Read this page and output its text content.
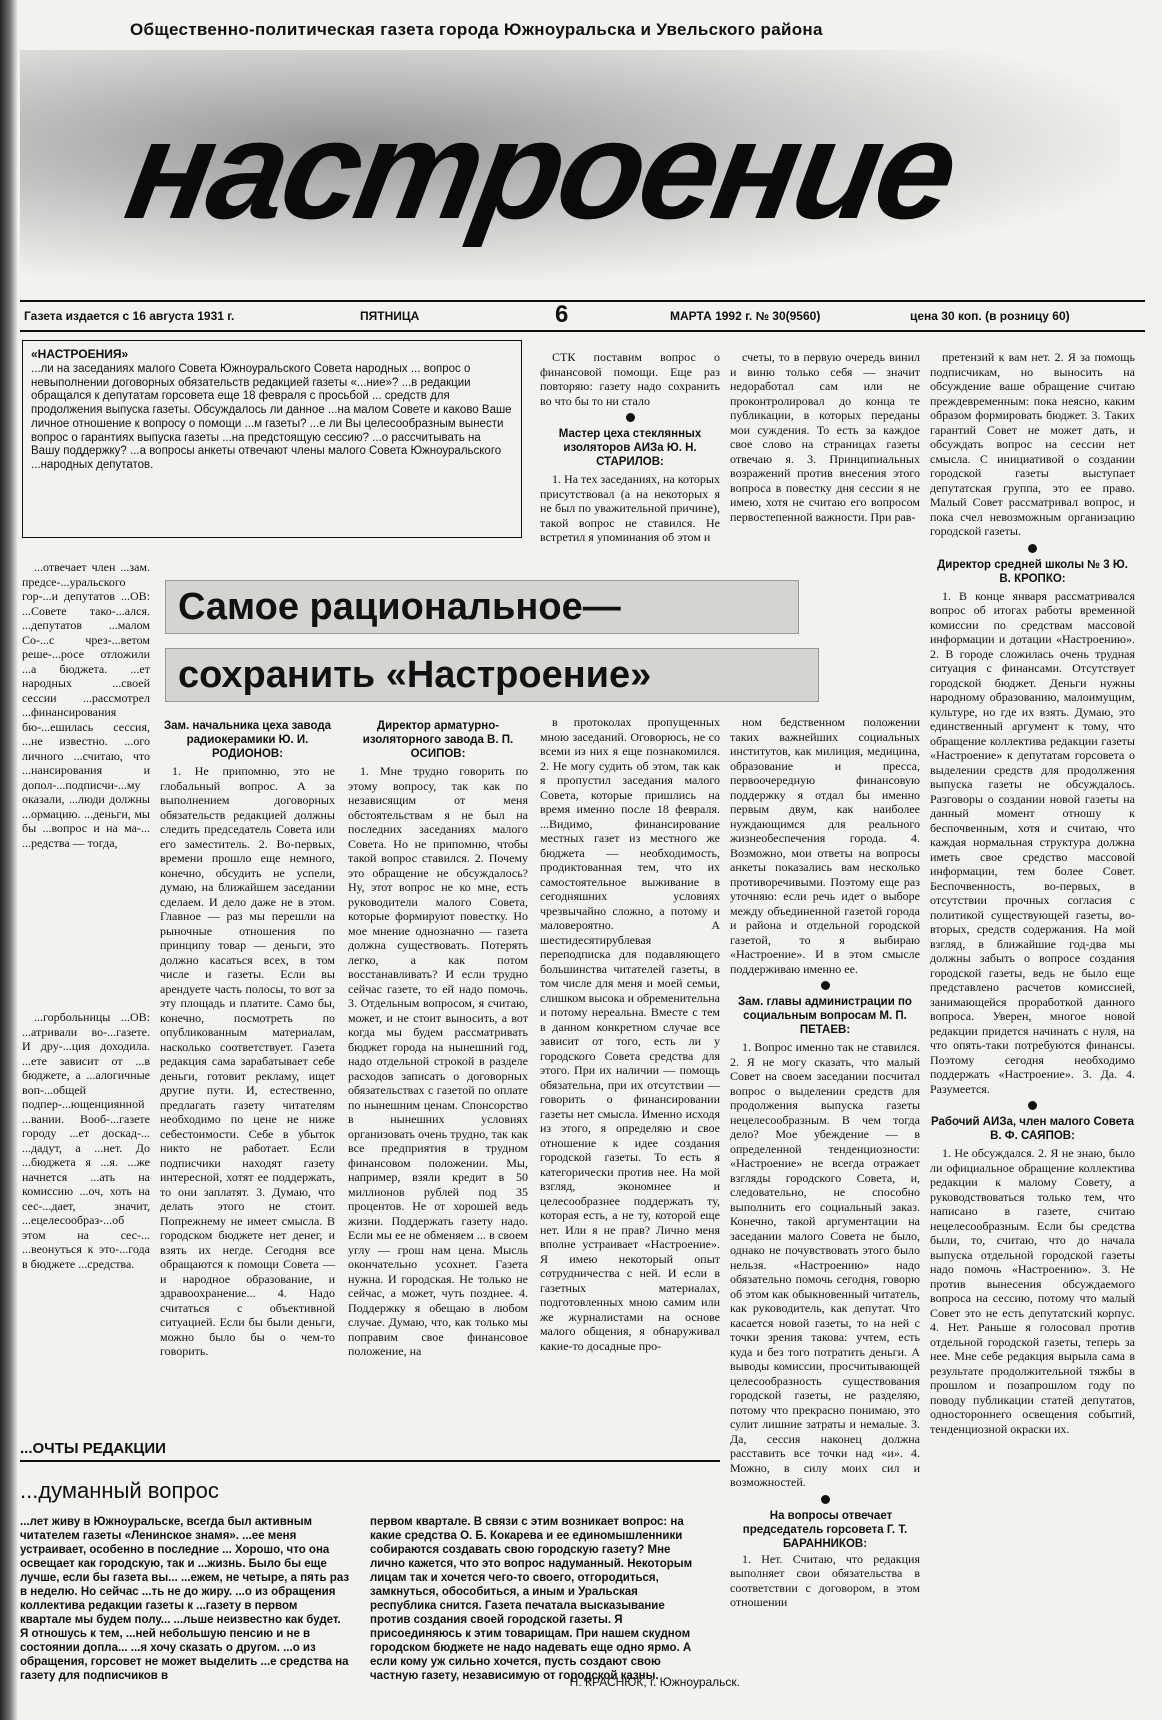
Общественно-политическая газета города Южноуральска и Увельского района
настроение
Газета издается с 16 августа 1931 г.	ПЯТНИЦА	6	МАРТА 1992 г. № 30(9560)	цена 30 коп. (в розницу 60)
«НАСТРОЕНИЯ»
...ли на заседаниях малого Совета Южноуральского Совета народных ... вопрос о невыполнении договорных обязательств редакцией газеты «...ние»? ...в редакции обращался к депутатам горсовета еще 18 февраля с просьбой ... средств для продолжения выпуска газеты. Обсуждалось ли данное ...на малом Совете и каково Ваше личное отношение к вопросу о помощи ...м газеты? ...е ли Вы целесообразным вынести вопрос о гарантиях выпуска газеты ...на предстоящую сессию? ...о рассчитывать на Вашу поддержку? ...а вопросы анкеты отвечают члены малого Совета Южноуральского ...народных депутатов.
Самое рациональное—
сохранить «Настроение»

...отвечает член ...зам. предсе-...уральского гор-...и депутатов ...ОВ: ...Совете тако-...ался. ...депутатов ...малом Со-...с чрез-...ветом реше-...росе отложили ...а бюджета. ...ет народных ...своей сессии ...рассмотрел ...финансирования бю-...ешилась сессия, ...не известно. ...ого личного ...считаю, что ...нансирования и допол-...подписчи-...му оказали, ...люди должны ...ормацию. ...деньги, мы бы ...вопрос и на ма-... ...редства — тогда,

...горбольницы ...ОВ: ...атривали во-...газете. И дру-...ция доходила. ...ете зависит от ...в бюджете, а ...алогичные воп-...общей подпер-...ющенциянной ...вании. Вооб-...газете городу ...ет доскад-... ...дадут, а ...нет. До ...бюджета я ...я. ...же начнется ...ать на комиссию ...оч, хоть на сес-...дает, значит, ...ецелесообраз-...об этом на сес-... ...веонуться к это-...года в бюджете ...средства.

Зам. начальника цеха завода радиокерамики Ю. И. РОДИОНОВ:

1. Не припомню, это не глобальный вопрос. А за выполнением договорных обязательств редакцией должны следить председатель Совета или его заместитель. 2. Во-первых, времени прошло еще немного, конечно, обсудить не успели, думаю, на ближайшем заседании сделаем. И дело даже не в этом. Главное — раз мы перешли на рыночные отношения по принципу товар — деньги, это должно касаться всех, в том числе и газеты. Если вы арендуете часть полосы, то вот за эту площадь и платите. Само бы, конечно, посмотреть по опубликованным материалам, насколько соответствует. Газета редакция сама зарабатывает себе деньги, готовит рекламу, ищет другие пути. И, естественно, предлагать газету читателям необходимо по цене не ниже себестоимости. Себе в убыток никто не работает. Если подписчики находят газету интересной, хотят ее поддержать, то они заплатят. 3. Думаю, что делать этого не стоит. Попрежнему не имеет смысла. В городском бюджете нет денег, и взять их негде. Сегодня все обращаются к помощи Совета — и народное образование, и здравоохранение... 4. Надо считаться с объективной ситуацией. Если бы были деньги, можно было бы о чем-то говорить.

Директор арматурно-изоляторного завода В. П. ОСИПОВ:

1. Мне трудно говорить по этому вопросу, так как по независящим от меня обстоятельствам я не был на последних заседаниях малого Совета. Но не припомню, чтобы такой вопрос ставился. 2. Почему это обращение не обсуждалось? Ну, этот вопрос не ко мне, есть руководители малого Совета, которые формируют повестку. Но мое мнение однозначно — газета должна существовать. Потерять легко, а как потом восстанавливать? И если трудно сейчас газете, то ей надо помочь. 3. Отдельным вопросом, я считаю, может, и не стоит выносить, а вот когда мы будем рассматривать бюджет города на нынешний год, надо отдельной строкой в разделе расходов записать о договорных обязательствах с газетой по оплате по нынешним ценам. Спонсорство в нынешних условиях организовать очень трудно, так как все предприятия в трудном финансовом положении. Мы, например, взяли кредит в 50 миллионов рублей под 35 процентов. Не от хорошей ведь жизни. Поддержать газету надо. Если мы ее не обменяем ... в своем углу — грош нам цена. Мысль окончательно усохнет. Газета нужна. И городская. Не только не сейчас, а может, чуть позднее. 4. Поддержку я обещаю в любом случае. Думаю, что, как только мы поправим свое финансовое положение, на

СТК поставим вопрос о финансовой помощи. Еще раз повторяю: газету надо сохранить во что бы то ни стало

Мастер цеха стеклянных изоляторов АИЗа Ю. Н. СТАРИЛОВ:

1. На тех заседаниях, на которых присутствовал (а на некоторых я не был по уважительной причине), такой вопрос не ставился. Не встретил я упоминания об этом и

в протоколах пропущенных мною заседаний. Оговорюсь, не со всеми из них я еще познакомился. 2. Не могу судить об этом, так как я пропустил заседания малого Совета, которые пришлись на время именно после 18 февраля. ...Видимо, финансирование местных газет из местного же бюджета — необходимость, продиктованная тем, что их самостоятельное выживание в сегодняшних условиях чрезвычайно сложно, а потому и маловероятно. А шестидесятирублевая переподписка для подавляющего большинства читателей газеты, в том числе для меня и моей семьи, слишком высока и обременительна и потому нереальна. Вместе с тем в данном конкретном случае все зависит от того, есть ли у городского Совета средства для этого. При их наличии — помощь обязательна, при их отсутствии — говорить о финансировании газеты нет смысла. Именно исходя из этого, я определяю и свое отношение к идее создания городской газеты. То есть я категорически против нее. На мой взгляд, экономнее и целесообразнее поддержать ту, которая есть, а не ту, которой еще нет. Или я не прав? Лично меня вполне устраивает «Настроение». Я имею некоторый опыт сотрудничества с ней. И если в газетных материалах, подготовленных мною самим или же журналистами на основе малого общения, я обнаруживал какие-то досадные про-

счеты, то в первую очередь винил и виню только себя — значит недоработал сам или не проконтролировал до конца те публикации, в которых переданы мои суждения. То есть за каждое свое слово на страницах газеты отвечаю я. 3. Принципиальных возражений против внесения этого вопроса в повестку дня сессии я не имею, хотя не считаю его вопросом первостепенной важности. При рав-

ном бедственном положении таких важнейших социальных институтов, как милиция, медицина, образование и пресса, первоочередную финансовую поддержку я отдал бы именно первым двум, как наиболее нуждающимся для реального жизнеобеспечения города. 4. Возможно, мои ответы на вопросы анкеты показались вам несколько противоречивыми. Поэтому еще раз уточняю: если речь идет о выборе между объединенной газетой города и района и отдельной городской газетой, то я выбираю «Настроение». И в этом смысле поддерживаю именно ее.

Зам. главы администрации по социальным вопросам М. П. ПЕТАЕВ:

1. Вопрос именно так не ставился. 2. Я не могу сказать, что малый Совет на своем заседании посчитал вопрос о выделении средств для продолжения выпуска газеты нецелесообразным. В чем тогда дело? Мое убеждение — в определенной тенденциозности: «Настроение» не всегда отражает взгляды городского Совета, и, следовательно, не способно выполнить его социальный заказ. Конечно, такой аргументации на заседании малого Совета не было, однако не почувствовать этого было нельзя. «Настроению» надо обязательно помочь сегодня, говорю об этом как обыкновенный читатель, как руководитель, как депутат. Что касается новой газеты, то на ней с точки зрения такова: учтем, есть куда и без того потратить деньги. А выводы комиссии, просчитывающей целесообразность существования городской газеты, не разделяю, потому что прекрасно понимаю, это сулит лишние затраты и немалые. 3. Да, сессия наконец должна расставить все точки над «и». 4. Можно, в силу моих сил и возможностей.

На вопросы отвечает председатель горсовета Г. Т. БАРАННИКОВ:

1. Нет. Считаю, что редакция выполняет свои обязательства в соответствии с договором, в этом отношении

претензий к вам нет. 2. Я за помощь подписчикам, но выносить на обсуждение ваше обращение считаю преждевременным: пока неясно, каким образом формировать бюджет. 3. Таких гарантий Совет не может дать, и обсуждать вопрос на сессии нет смысла. С инициативой о создании городской газеты выступает депутатская группа, это ее право. Малый Совет рассматривал вопрос, и пока счел невозможным организацию городской газеты.

Директор средней школы № 3 Ю. В. КРОПКО:

1. В конце января рассматривался вопрос об итогах работы временной комиссии по средствам массовой информации и дотации «Настроению». 2. В городе сложилась очень трудная ситуация с финансами. Отсутствует городской бюджет. Деньги нужны народному образованию, малоимущим, культуре, но где их взять. Думаю, это единственный аргумент к тому, что обращение коллектива редакции газеты «Настроение» к депутатам горсовета о выделении средств для продолжения выпуска газеты не обсуждалось. Разговоры о создании новой газеты на данный момент отношу к беспочвенным, хотя и считаю, что каждая нормальная структура должна иметь свое средство массовой информации, тем более Совет. Беспочвенность, во-первых, в отсутствии прочных согласия с политикой существующей газеты, во-вторых, средств содержания. На мой взгляд, в ближайшие год-два мы должны забыть о вопросе создания городской газеты, ведь не было еще представлено расчетов комиссией, занимающейся проработкой данного вопроса. Уверен, многое новой редакции придется начинать с нуля, на что опять-таки потребуются финансы. Поэтому сегодня необходимо поддержать «Настроение». 3. Да. 4. Разумеется.

Рабочий АИЗа, член малого Совета В. Ф. САЯПОВ:

1. Не обсуждался. 2. Я не знаю, было ли официальное обращение коллектива редакции к малому Совету, а руководствоваться только тем, что написано в газете, считаю нецелесообразным. Если бы средства были, то, считаю, что до начала выпуска отдельной городской газеты надо помочь «Настроению». 3. Не против вынесения обсуждаемого вопроса на сессию, потому что малый Совет это не есть депутатский корпус. 4. Нет. Раньше я голосовал против отдельной городской газеты, теперь за нее. Мне себе редакция вырыла сама в результате продолжительной тяжбы в прошлом и позапрошлом году по поводу публикации статей депутатов, одностороннего освещения событий, тенденциозной окраски их.

...ОЧТЫ РЕДАКЦИИ
...думанный вопрос
...лет живу в Южноуральске, всегда был активным читателем газеты «Ленинское знамя». ...ее меня устраивает, особенно в последние ... Хорошо, что она освещает как городскую, так и ...жизнь. Было бы еще лучше, если бы газета вы... ...ежем, не четыре, а пять раз в неделю. Но сейчас ...ть не до жиру. ...о из обращения коллектива редакции газеты к ...газету в первом квартале мы будем полу... ...льше неизвестно как будет. Я отношусь к тем, ...ней небольшую пенсию и не в состоянии допла... ...я хочу сказать о другом. ...о из обращения, горсовет не может выделить ...е средства на газету для подписчиков в
первом квартале. В связи с этим возникает вопрос: на какие средства О. Б. Кокарева и ее единомышленники собираются создавать свою городскую газету? Мне лично кажется, что это вопрос надуманный. Некоторым лицам так и хочется чего-то своего, отгородиться, замкнуться, обособиться, а иным и Уральская республика снится. Газета печатала высказывание против создания своей городской газеты. Я присоединяюсь к этим товарищам. При нашем скудном городском бюджете не надо надевать еще одно ярмо. А если кому уж сильно хочется, пусть создают свою частную газету, независимую от городской казны.
Н. КРАСНЮК, г. Южноуральск.
